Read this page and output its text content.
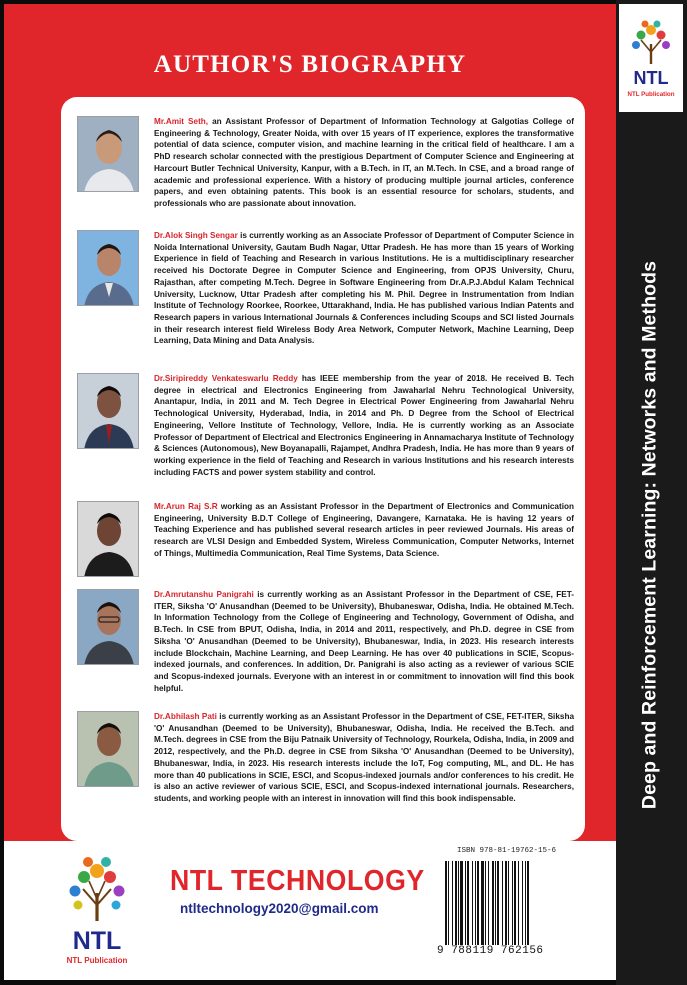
NTL
NTL Publication
Deep and Reinforcement Learning: Networks and Methods
AUTHOR'S BIOGRAPHY
Mr.Amit Seth, an Assistant Professor of Department of Information Technology at Galgotias College of Engineering & Technology, Greater Noida, with over 15 years of IT experience, explores the transformative potential of data science, computer vision, and machine learning in the critical field of healthcare. I am a PhD research scholar connected with the prestigious Department of Computer Science and Engineering at Harcourt Butler Technical University, Kanpur, with a B.Tech. in IT, an M.Tech. In CSE, and a broad range of academic and professional experience. With a history of producing multiple journal articles, conference papers, and even obtaining patents. This book is an essential resource for scholars, students, and professionals who are passionate about innovation.
Dr.Alok Singh Sengar is currently working as an Associate Professor of Department of Computer Science in Noida International University, Gautam Budh Nagar, Uttar Pradesh. He has more than 15 years of Working Experience in field of Teaching and Research in various Institutions. He is a multidisciplinary researcher received his Doctorate Degree in Computer Science and Engineering, from OPJS University, Churu, Rajasthan, after competing M.Tech. Degree in Software Engineering from Dr.A.P.J.Abdul Kalam Technical University, Lucknow, Uttar Pradesh after completing his M. Phil. Degree in Instrumentation from Indian Institute of Technology Roorkee, Roorkee, Uttarakhand, India. He has published various Indian Patents and Research papers in various International Journals & Conferences including Scoups and SCI listed Journals in their research interest field Wireless Body Area Network, Computer Network, Machine Learning, Deep Learning, Data Mining and Data Analysis.
Dr.Siripireddy Venkateswarlu Reddy has IEEE membership from the year of 2018. He received B. Tech degree in electrical and Electronics Engineering from Jawaharlal Nehru Technological University, Anantapur, India, in 2011 and M. Tech Degree in Electrical Power Engineering from Jawaharlal Nehru Technological University, Hyderabad, India, in 2014 and Ph. D Degree from the School of Electrical Engineering, Vellore Institute of Technology, Vellore, India. He is currently working as an Associate Professor of Department of Electrical and Electronics Engineering in Annamacharya Institute of Technology & Sciences (Autonomous), New Boyanapalli, Rajampet, Andhra Pradesh, India. He has more than 9 years of working experience in the field of Teaching and Research in various Institutions and his research interests including FACTS and power system stability and control.
Mr.Arun Raj S.R working as an Assistant Professor in the Department of Electronics and Communication Engineering, University B.D.T College of Engineering, Davangere, Karnataka. He is having 12 years of Teaching Experience and has published several research articles in peer reviewed Journals. His areas of research are VLSI Design and Embedded System, Wireless Communication, Computer Networks, Internet of Things, Multimedia Communication, Real Time Systems, Data Science.
Dr.Amrutanshu Panigrahi is currently working as an Assistant Professor in the Department of CSE, FET-ITER, Siksha 'O' Anusandhan (Deemed to be University), Bhubaneswar, Odisha, India. He obtained M.Tech. In Information Technology from the College of Engineering and Technology, Government of Odisha, and B.Tech. In CSE from BPUT, Odisha, India, in 2014 and 2011, respectively, and Ph.D. degree in CSE from Siksha 'O' Anusandhan (Deemed to be University), Bhubaneswar, India, in 2023. His research interests include Blockchain, Machine Learning, and Deep Learning. He has over 40 publications in SCIE, Scopus-indexed journals, and conferences. In addition, Dr. Panigrahi is also acting as a reviewer of various SCIE and Scopus-indexed journals. Everyone with an interest in or commitment to innovation will find this book helpful.
Dr.Abhilash Pati is currently working as an Assistant Professor in the Department of CSE, FET-ITER, Siksha 'O' Anusandhan (Deemed to be University), Bhubaneswar, Odisha, India. He received the B.Tech. and M.Tech. degrees in CSE from the Biju Patnaik University of Technology, Rourkela, Odisha, India, in 2009 and 2012, respectively, and the Ph.D. degree in CSE from Siksha 'O' Anusandhan (Deemed to be University), Bhubaneswar, India, in 2023. His research interests include the IoT, Fog computing, ML, and DL. He has more than 40 publications in SCIE, ESCI, and Scopus-indexed journals and/or conferences to his credit. He is also an active reviewer of various SCIE, ESCI, and Scopus-indexed international journals. Researchers, students, and working people with an interest in innovation will find this book indispensable.
NTL
NTL Publication
NTL TECHNOLOGY
ntltechnology2020@gmail.com
ISBN 978-81-19762-15-6
9 788119 762156
